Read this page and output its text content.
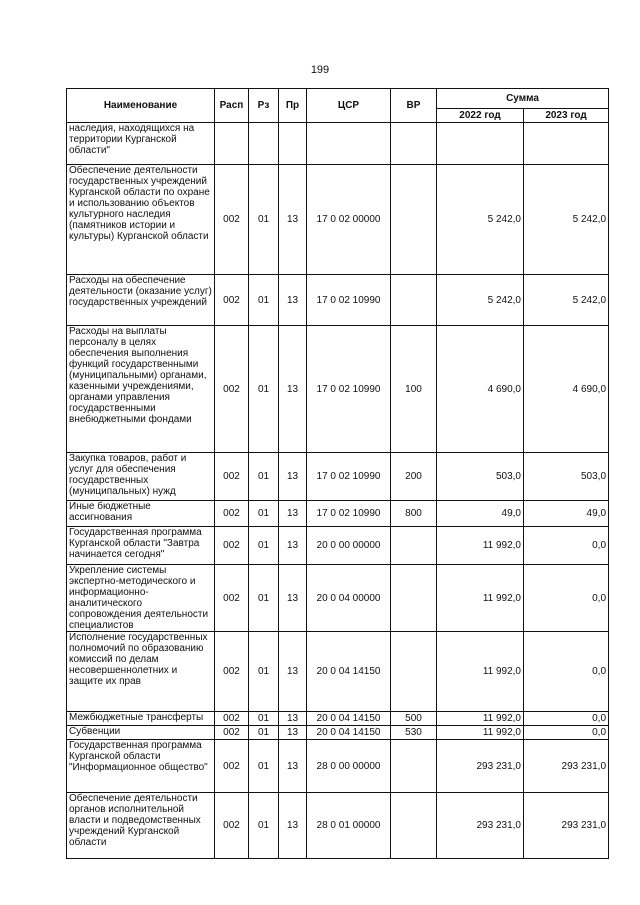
199
Наименование	Расп	Рз	Пр	ЦСР	ВР	Сумма	
						2022 год	2023 год
наследия, находящихся на территории Курганской области"							
Обеспечение деятельности государственных учреждений Курганской области по охране и использованию объектов культурного наследия (памятников истории и культуры) Курганской области	002	01	13	17 0 02 00000		5 242,0	5 242,0
Расходы на обеспечение деятельности (оказание услуг) государственных учреждений	002	01	13	17 0 02 10990		5 242,0	5 242,0
Расходы на выплаты персоналу в целях обеспечения выполнения функций государственными (муниципальными) органами, казенными учреждениями, органами управления государственными внебюджетными фондами	002	01	13	17 0 02 10990	100	4 690,0	4 690,0
Закупка товаров, работ и услуг для обеспечения государственных (муниципальных) нужд	002	01	13	17 0 02 10990	200	503,0	503,0
Иные бюджетные ассигнования	002	01	13	17 0 02 10990	800	49,0	49,0
Государственная программа Курганской области "Завтра начинается сегодня"	002	01	13	20 0 00 00000		11 992,0	0,0
Укрепление системы экспертно-методического и информационно-аналитического сопровождения деятельности специалистов	002	01	13	20 0 04 00000		11 992,0	0,0
Исполнение государственных полномочий по образованию комиссий по делам несовершеннолетних и защите их прав	002	01	13	20 0 04 14150		11 992,0	0,0
Межбюджетные трансферты	002	01	13	20 0 04 14150	500	11 992,0	0,0
Субвенции	002	01	13	20 0 04 14150	530	11 992,0	0,0
Государственная программа Курганской области "Информационное общество"	002	01	13	28 0 00 00000		293 231,0	293 231,0
Обеспечение деятельности органов исполнительной власти и подведомственных учреждений Курганской области	002	01	13	28 0 01 00000		293 231,0	293 231,0
